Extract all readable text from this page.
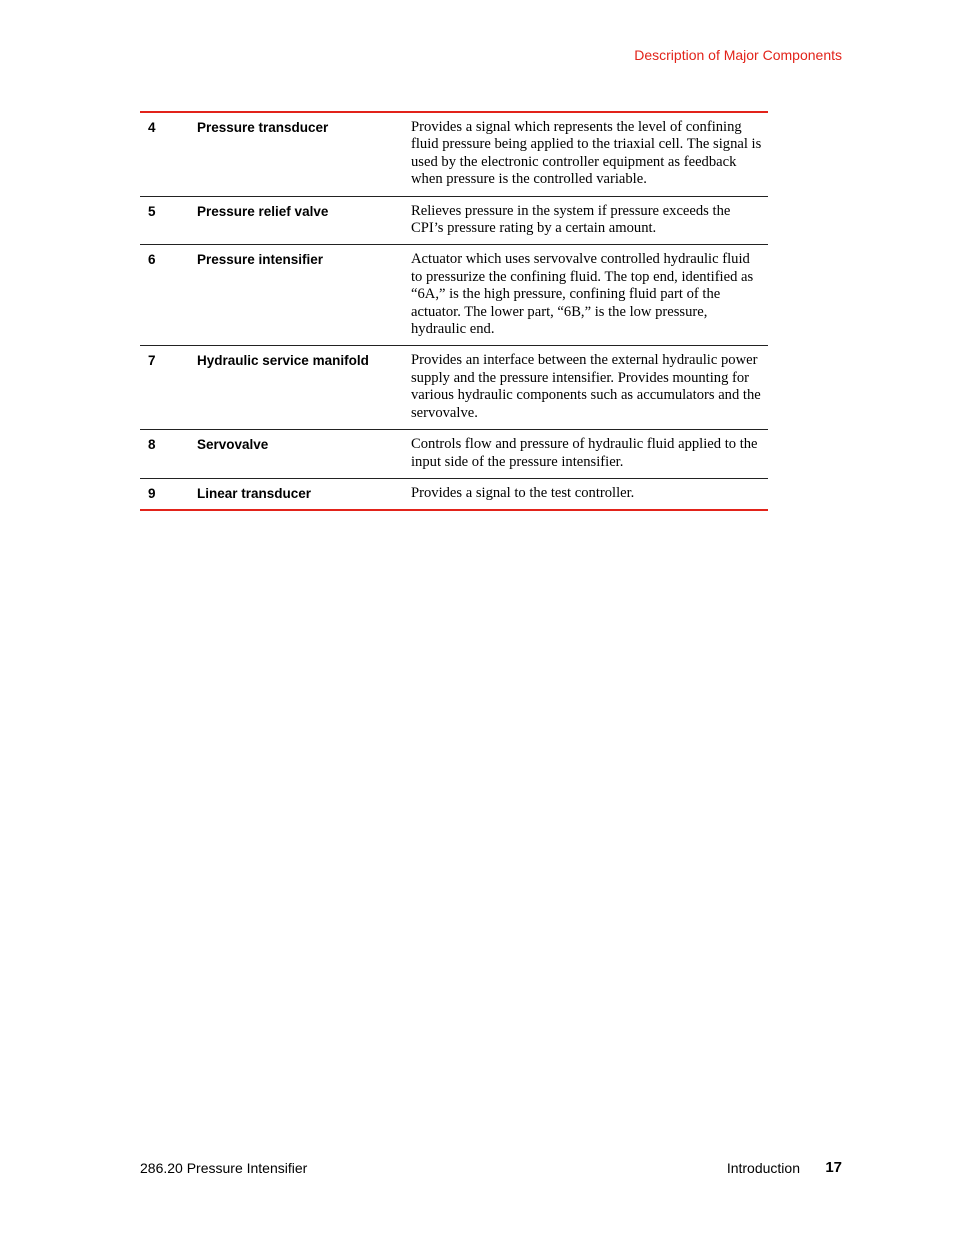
Description of Major Components
4	Pressure transducer	Provides a signal which represents the level of confining fluid pressure being applied to the triaxial cell. The signal is used by the electronic controller equipment as feedback when pressure is the controlled variable.
5	Pressure relief valve	Relieves pressure in the system if pressure exceeds the CPI’s pressure rating by a certain amount.
6	Pressure intensifier	Actuator which uses servovalve controlled hydraulic fluid to pressurize the confining fluid. The top end, identified as “6A,” is the high pressure, confining fluid part of the actuator. The lower part, “6B,” is the low pressure, hydraulic end.
7	Hydraulic service manifold	Provides an interface between the external hydraulic power supply and the pressure intensifier. Provides mounting for various hydraulic components such as accumulators and the servovalve.
8	Servovalve	Controls flow and pressure of hydraulic fluid applied to the input side of the pressure intensifier.
9	Linear transducer	Provides a signal to the test controller.
286.20 Pressure Intensifier	Introduction 17
